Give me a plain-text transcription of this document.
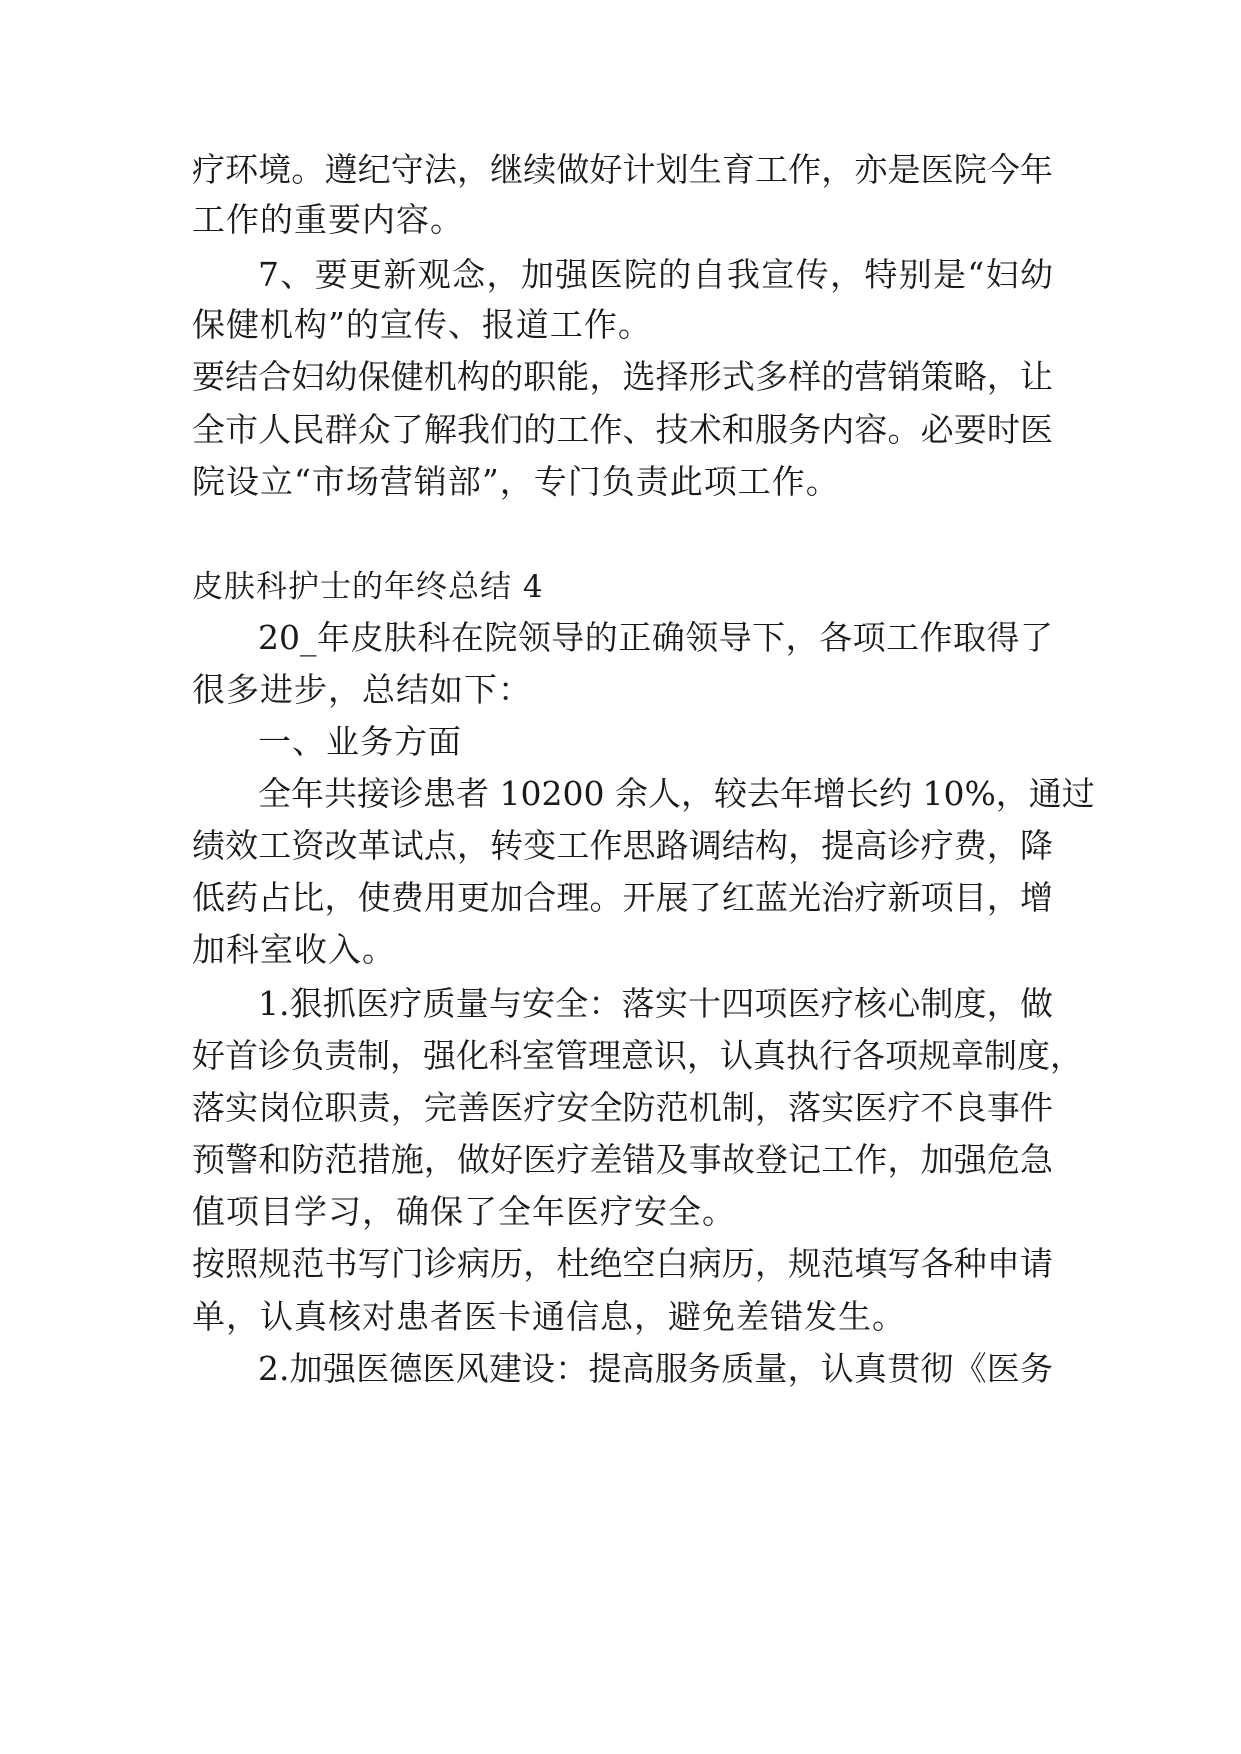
疗环境。遵纪守法，继续做好计划生育工作，亦是医院今年
工作的重要内容。
7、要更新观念，加强医院的自我宣传，特别是“妇幼
保健机构”的宣传、报道工作。
要结合妇幼保健机构的职能，选择形式多样的营销策略，让
全市人民群众了解我们的工作、技术和服务内容。必要时医
院设立“市场营销部”，专门负责此项工作。
皮肤科护士的年终总结 4
20_年皮肤科在院领导的正确领导下，各项工作取得了
很多进步，总结如下：
一、业务方面
全年共接诊患者 10200 余人，较去年增长约 10%，通过
绩效工资改革试点，转变工作思路调结构，提高诊疗费，降
低药占比，使费用更加合理。开展了红蓝光治疗新项目，增
加科室收入。
1.狠抓医疗质量与安全：落实十四项医疗核心制度，做
好首诊负责制，强化科室管理意识，认真执行各项规章制度，
落实岗位职责，完善医疗安全防范机制，落实医疗不良事件
预警和防范措施，做好医疗差错及事故登记工作，加强危急
值项目学习，确保了全年医疗安全。
按照规范书写门诊病历，杜绝空白病历，规范填写各种申请
单，认真核对患者医卡通信息，避免差错发生。
2.加强医德医风建设：提高服务质量，认真贯彻《医务
